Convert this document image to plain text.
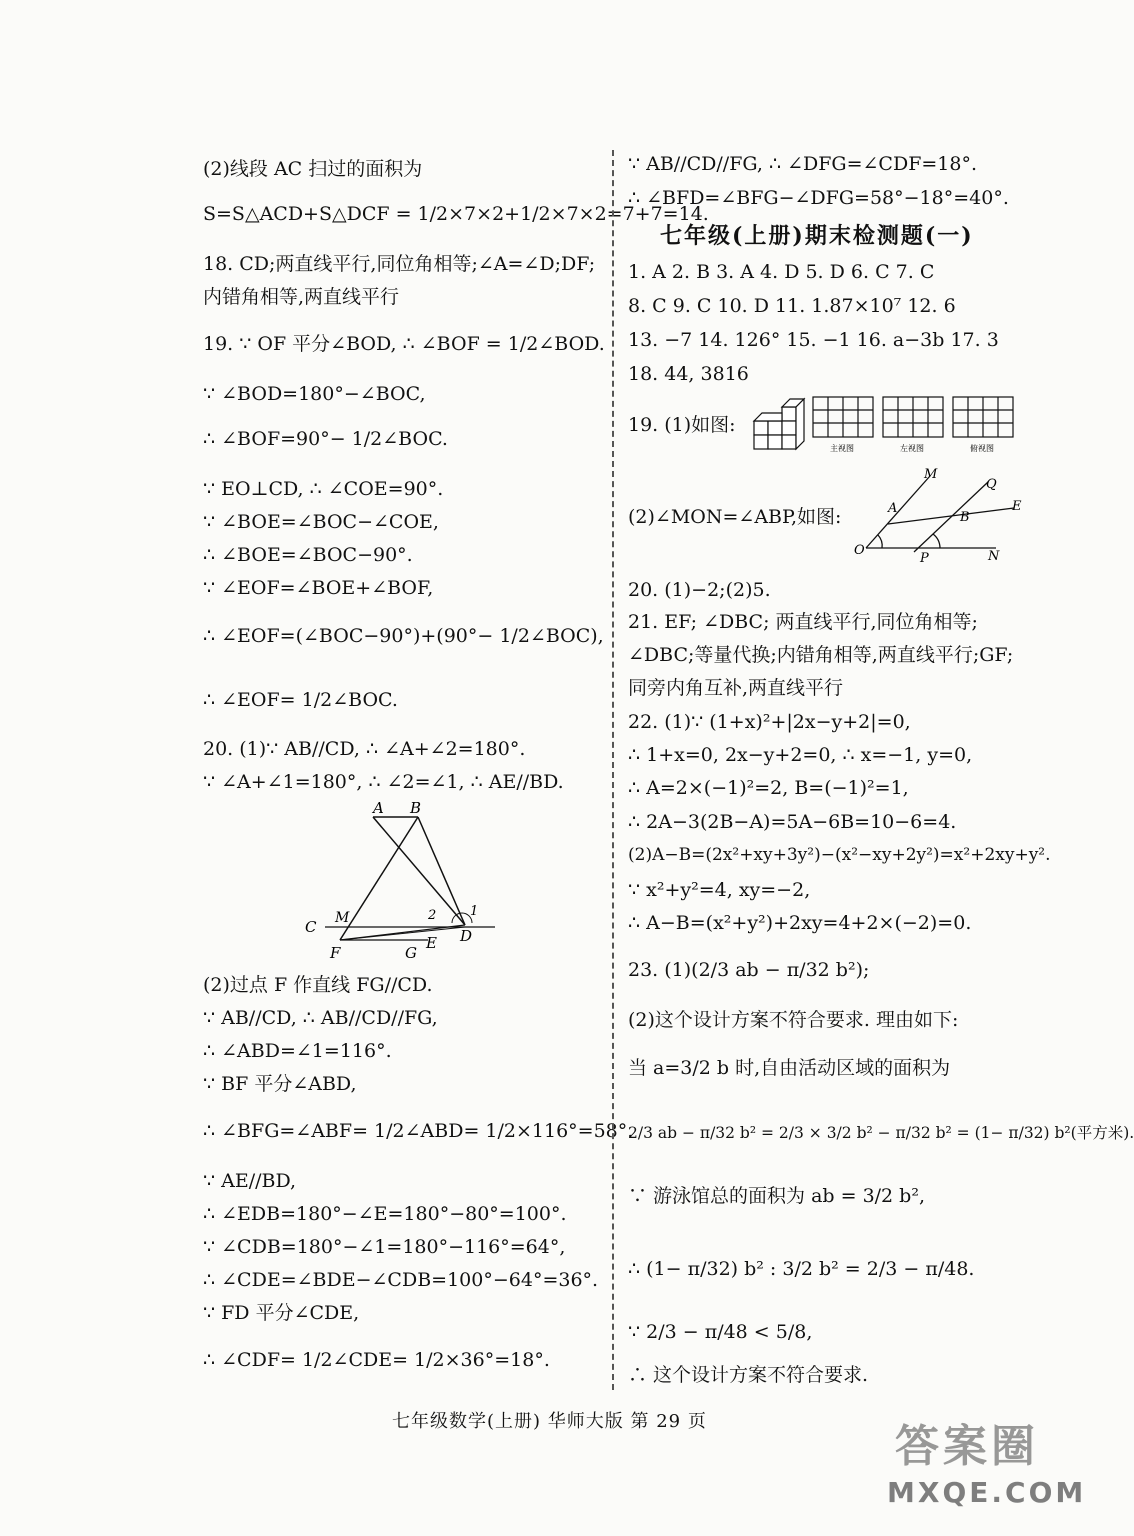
(2)线段 AC 扫过的面积为
S=S△ACD+S△DCF = 1/2×7×2+1/2×7×2=7+7=14.
18. CD;两直线平行,同位角相等;∠A=∠D;DF;
内错角相等,两直线平行
19. ∵ OF 平分∠BOD, ∴ ∠BOF = 1/2∠BOD.
∵ ∠BOD=180°−∠BOC,
∴ ∠BOF=90°− 1/2∠BOC.
∵ EO⊥CD, ∴ ∠COE=90°.
∵ ∠BOE=∠BOC−∠COE,
∴ ∠BOE=∠BOC−90°.
∵ ∠EOF=∠BOE+∠BOF,
∴ ∠EOF=(∠BOC−90°)+(90°− 1/2∠BOC),
∴ ∠EOF= 1/2∠BOC.
20. (1)∵ AB//CD, ∴ ∠A+∠2=180°.
∵ ∠A+∠1=180°, ∴ ∠2=∠1, ∴ AE//BD.
A B
C M	2	1
F	G
E D
(2)过点 F 作直线 FG//CD.
∵ AB//CD, ∴ AB//CD//FG,
∴ ∠ABD=∠1=116°.
∵ BF 平分∠ABD,
∴ ∠BFG=∠ABF= 1/2∠ABD= 1/2×116°=58°.
∵ AE//BD,
∴ ∠EDB=180°−∠E=180°−80°=100°.
∵ ∠CDB=180°−∠1=180°−116°=64°,
∴ ∠CDE=∠BDE−∠CDB=100°−64°=36°.
∵ FD 平分∠CDE,
∴ ∠CDF= 1/2∠CDE= 1/2×36°=18°.
∵ AB//CD//FG, ∴ ∠DFG=∠CDF=18°.
∴ ∠BFD=∠BFG−∠DFG=58°−18°=40°.
七年级(上册)期末检测题(一)
1. A 2. B 3. A 4. D 5. D 6. C 7. C
8. C 9. C 10. D 11. 1.87×10⁷ 12. 6
13. −7 14. 126° 15. −1 16. a−3b 17. 3
18. 44, 3816
19. (1)如图:
主视图	左视图	俯视图
(2)∠MON=∠ABP,如图:
M
Q
A
B
E
O
P	N
20. (1)−2;(2)5.
21. EF; ∠DBC; 两直线平行,同位角相等;
∠DBC;等量代换;内错角相等,两直线平行;GF;
同旁内角互补,两直线平行
22. (1)∵ (1+x)²+|2x−y+2|=0,
∴ 1+x=0, 2x−y+2=0, ∴ x=−1, y=0,
∴ A=2×(−1)²=2, B=(−1)²=1,
∴ 2A−3(2B−A)=5A−6B=10−6=4.
(2)A−B=(2x²+xy+3y²)−(x²−xy+2y²)=x²+2xy+y².
∵ x²+y²=4, xy=−2,
∴ A−B=(x²+y²)+2xy=4+2×(−2)=0.
23. (1)(2/3 ab − π/32 b²);
(2)这个设计方案不符合要求. 理由如下:
当 a=3/2 b 时,自由活动区域的面积为
2/3 ab − π/32 b² = 2/3 × 3/2 b² − π/32 b² = (1− π/32) b²(平方米).
∵ 游泳馆总的面积为 ab = 3/2 b²,
∴ (1− π/32) b² : 3/2 b² = 2/3 − π/48.
∵ 2/3 − π/48 < 5/8,
∴ 这个设计方案不符合要求.
七年级数学(上册) 华师大版 第 29 页	答案圈
MXQE.COM
